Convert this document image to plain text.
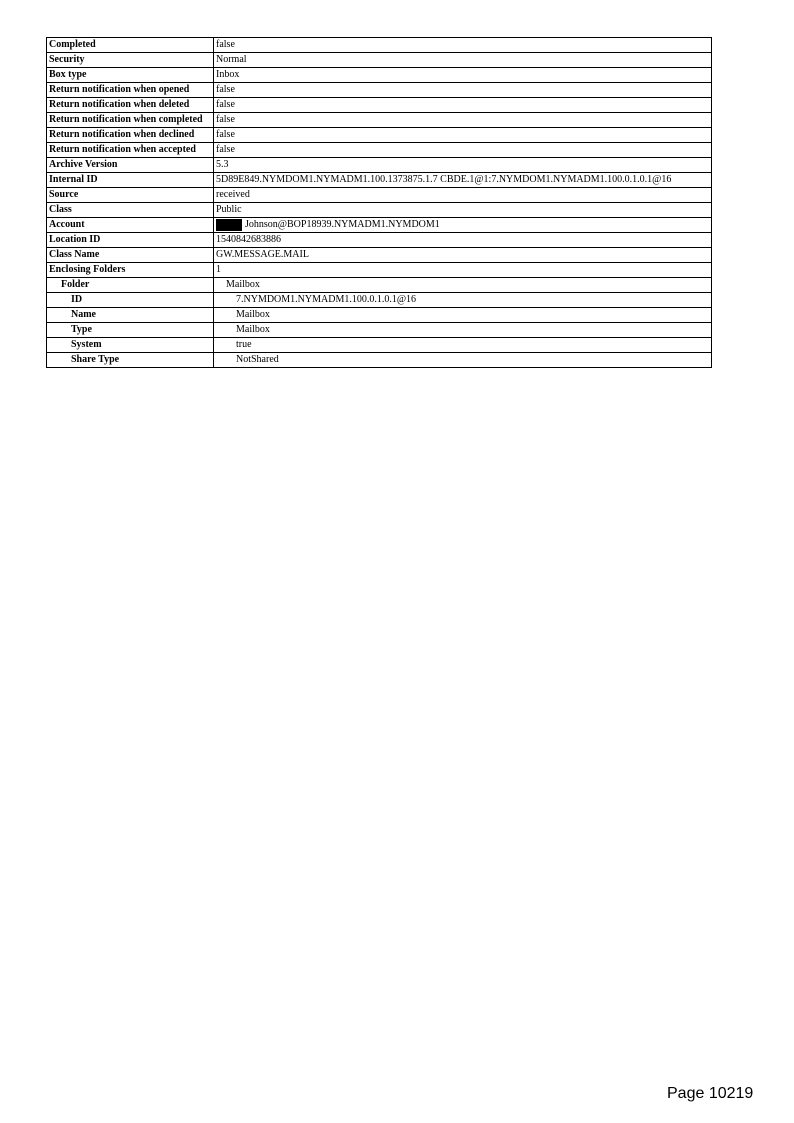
Completed	false
Security	Normal
Box type	Inbox
Return notification when opened	false
Return notification when deleted	false
Return notification when completed	false
Return notification when declined	false
Return notification when accepted	false
Archive Version	5.3
Internal ID	5D89E849.NYMDOM1.NYMADM1.100.1373875.1.7 CBDE.1@1:7.NYMDOM1.NYMADM1.100.0.1.0.1@16
Source	received
Class	Public
Account	Johnson@BOP18939.NYMADM1.NYMDOM1
Location ID	1540842683886
Class Name	GW.MESSAGE.MAIL
Enclosing Folders	1
Folder	Mailbox
ID	7.NYMDOM1.NYMADM1.100.0.1.0.1@16
Name	Mailbox
Type	Mailbox
System	true
Share Type	NotShared
Page 10219
